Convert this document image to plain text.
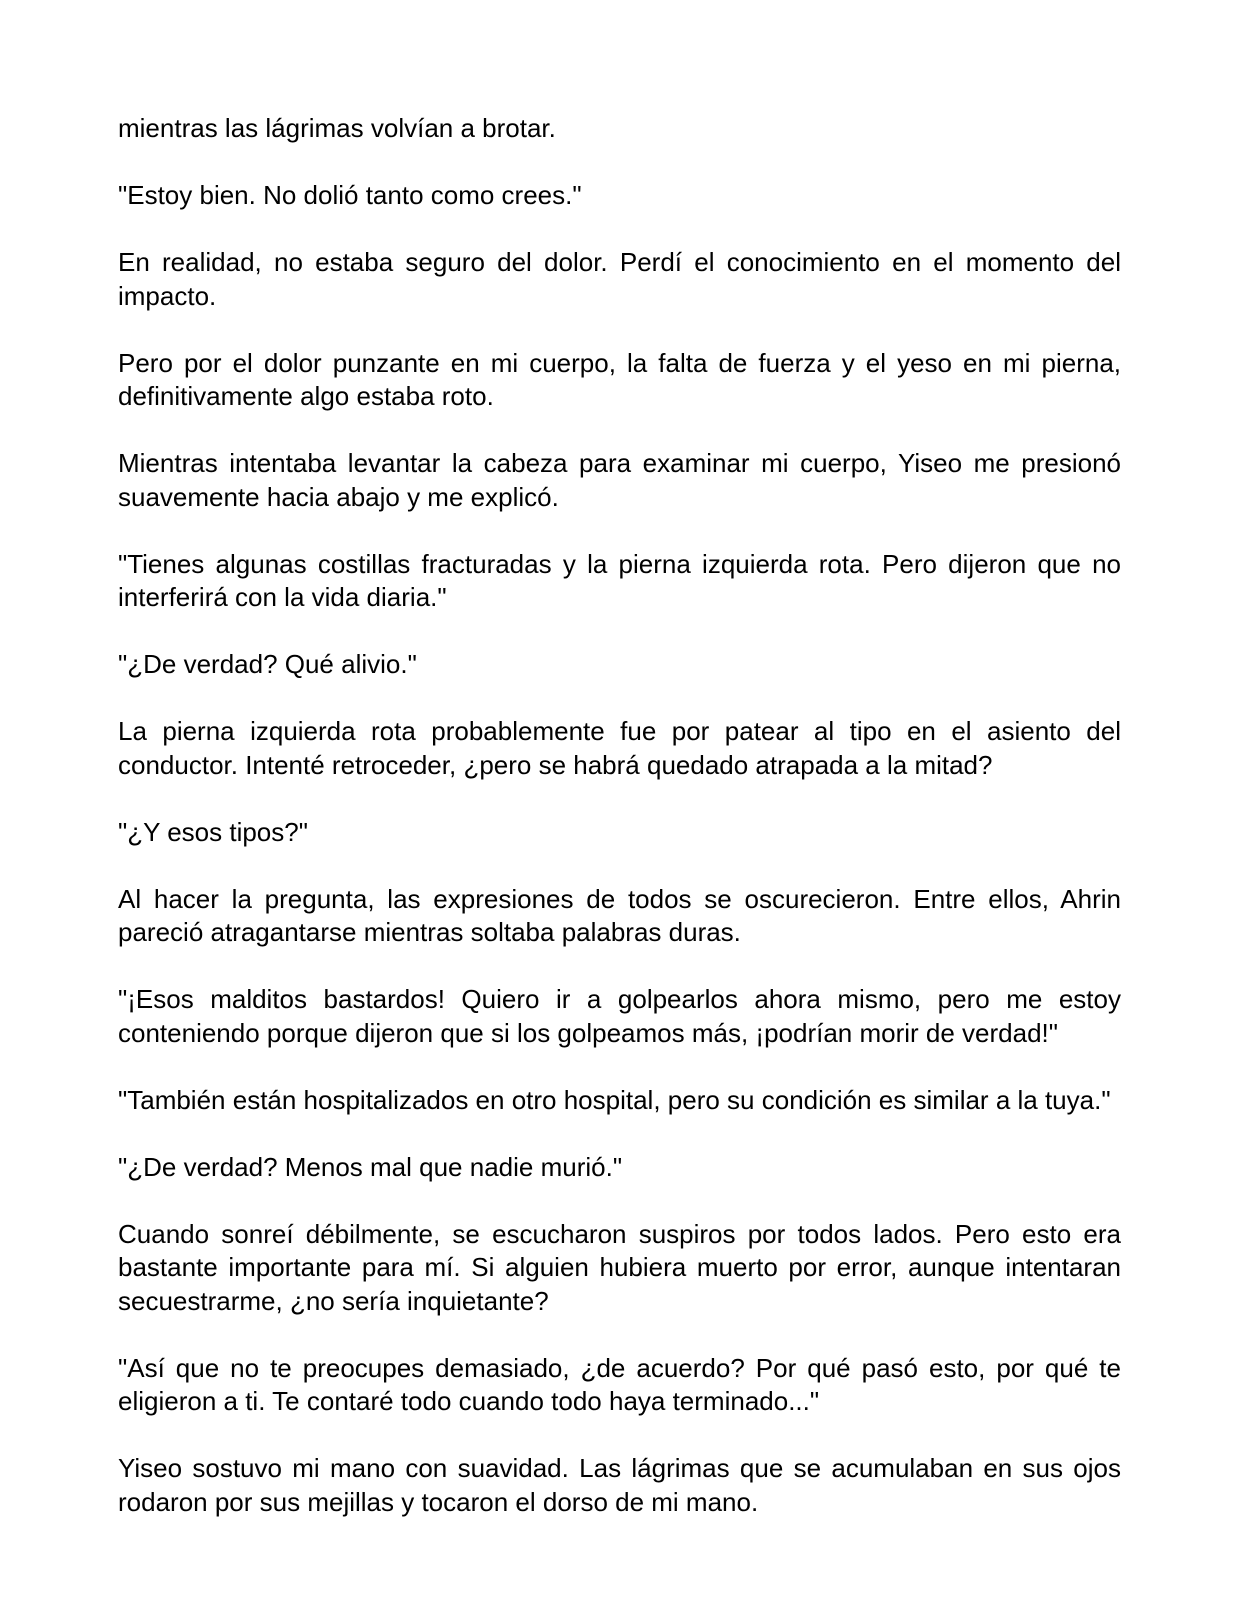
mientras las lágrimas volvían a brotar.

"Estoy bien. No dolió tanto como crees."

En realidad, no estaba seguro del dolor. Perdí el conocimiento en el momento del impacto.

Pero por el dolor punzante en mi cuerpo, la falta de fuerza y el yeso en mi pierna, definitivamente algo estaba roto.

Mientras intentaba levantar la cabeza para examinar mi cuerpo, Yiseo me presionó suavemente hacia abajo y me explicó.

"Tienes algunas costillas fracturadas y la pierna izquierda rota. Pero dijeron que no interferirá con la vida diaria."

"¿De verdad? Qué alivio."

La pierna izquierda rota probablemente fue por patear al tipo en el asiento del conductor. Intenté retroceder, ¿pero se habrá quedado atrapada a la mitad?

"¿Y esos tipos?"

Al hacer la pregunta, las expresiones de todos se oscurecieron. Entre ellos, Ahrin pareció atragantarse mientras soltaba palabras duras.

"¡Esos malditos bastardos! Quiero ir a golpearlos ahora mismo, pero me estoy conteniendo porque dijeron que si los golpeamos más, ¡podrían morir de verdad!"

"También están hospitalizados en otro hospital, pero su condición es similar a la tuya."

"¿De verdad? Menos mal que nadie murió."

Cuando sonreí débilmente, se escucharon suspiros por todos lados. Pero esto era bastante importante para mí. Si alguien hubiera muerto por error, aunque intentaran secuestrarme, ¿no sería inquietante?

"Así que no te preocupes demasiado, ¿de acuerdo? Por qué pasó esto, por qué te eligieron a ti. Te contaré todo cuando todo haya terminado..."

Yiseo sostuvo mi mano con suavidad. Las lágrimas que se acumulaban en sus ojos rodaron por sus mejillas y tocaron el dorso de mi mano.
